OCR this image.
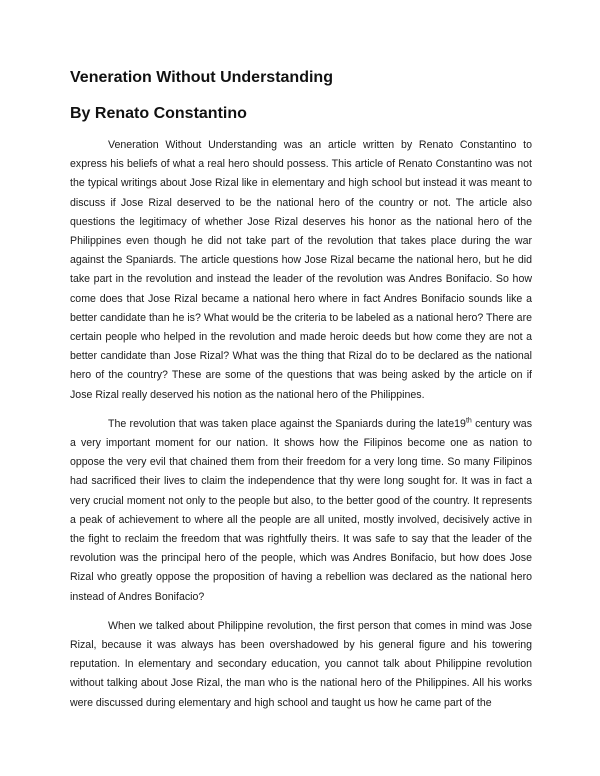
Veneration Without Understanding
By Renato Constantino

Veneration Without Understanding was an article written by Renato Constantino to express his beliefs of what a real hero should possess. This article of Renato Constantino was not the typical writings about Jose Rizal like in elementary and high school but instead it was meant to discuss if Jose Rizal deserved to be the national hero of the country or not. The article also questions the legitimacy of whether Jose Rizal deserves his honor as the national hero of the Philippines even though he did not take part of the revolution that takes place during the war against the Spaniards. The article questions how Jose Rizal became the national hero, but he did take part in the revolution and instead the leader of the revolution was Andres Bonifacio. So how come does that Jose Rizal became a national hero where in fact Andres Bonifacio sounds like a better candidate than he is? What would be the criteria to be labeled as a national hero? There are certain people who helped in the revolution and made heroic deeds but how come they are not a better candidate than Jose Rizal? What was the thing that Rizal do to be declared as the national hero of the country? These are some of the questions that was being asked by the article on if Jose Rizal really deserved his notion as the national hero of the Philippines.

The revolution that was taken place against the Spaniards during the late19th century was a very important moment for our nation. It shows how the Filipinos become one as nation to oppose the very evil that chained them from their freedom for a very long time. So many Filipinos had sacrificed their lives to claim the independence that thy were long sought for. It was in fact a very crucial moment not only to the people but also, to the better good of the country. It represents a peak of achievement to where all the people are all united, mostly involved, decisively active in the fight to reclaim the freedom that was rightfully theirs. It was safe to say that the leader of the revolution was the principal hero of the people, which was Andres Bonifacio, but how does Jose Rizal who greatly oppose the proposition of having a rebellion was declared as the national hero instead of Andres Bonifacio?

When we talked about Philippine revolution, the first person that comes in mind was Jose Rizal, because it was always has been overshadowed by his general figure and his towering reputation. In elementary and secondary education, you cannot talk about Philippine revolution without talking about Jose Rizal, the man who is the national hero of the Philippines. All his works were discussed during elementary and high school and taught us how he came part of the
